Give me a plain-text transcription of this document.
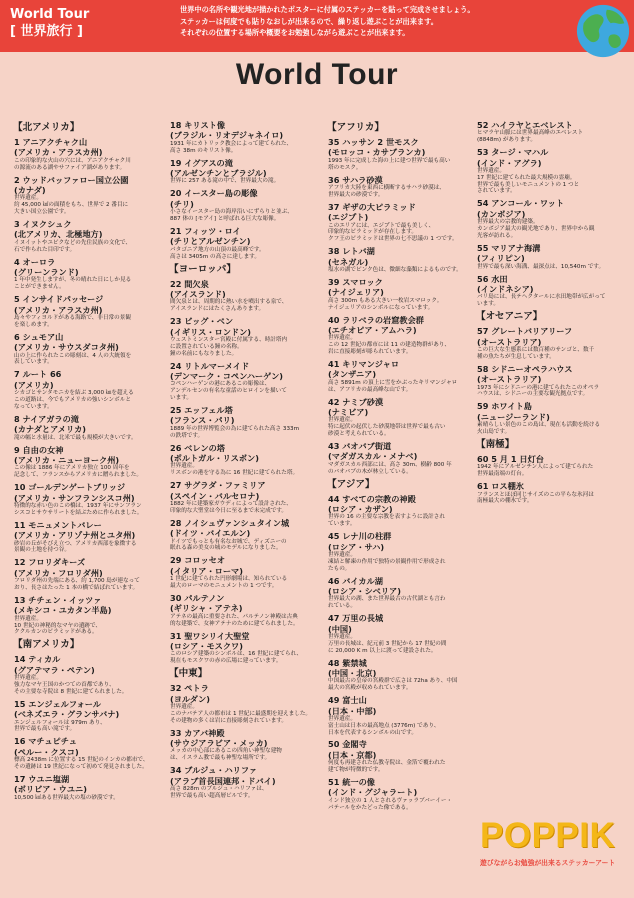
World Tour
[ 世界旅行 ]
世界中の名所や観光地が描かれたポスターに付属のステッカーを貼って完成させましょう。
ステッカーは何度でも貼りなおしが出来るので、繰り返し遊ぶことが出来ます。
それぞれの位置する場所や概要をお勉強しながら遊ぶことが出来ます。
World Tour
【北アメリカ】
1 アニアクチャク山
(アメリカ・アラスカ州)
この印象的な火山の穴には、アニアクチャク川
の源流のある湖やサファイア湖があります。
2 ウッドバッファロー国立公園
(カナダ)
世界遺産。
約 45,000 ㎢の面積をもち、世界で 2 番目に
大きい国立公園です。
3 イヌクシュク
(北アメリカ、北極地方)
イヌイットやユピクなどの先住民族の文化で、
石で作られた目印です。
4 オーロラ
(グリーンランド)
1 年中発生しますが、冬の晴れた日にしか見る
ことができません。
5 インサイドパッセージ
(アメリカ・アラスカ州)
島々やフィヨルドがある海路で、非日常の景観
を楽しめます。
6 シュモア山
(アメリカ・サウスダコタ州)
山の上に作られたこの彫刻は、4 人の大統領を
表しています。
7 ルート 66
(アメリカ)
シカゴとサンタモニカを結ぶ 3,000 ㎞を超える
この道路は、今でもアメリカの強いシンボルと
なっています。
8 ナイアガラの滝
(カナダとアメリカ)
滝の幅と水量は、北米で最も規模が大きいです。
9 自由の女神
(アメリカ・ニューヨーク州)
この像は 1886 年にアメリカ独立 100 周年を
記念して、フランスからアメリカに贈られました。
10 ゴールデンゲートブリッジ
(アメリカ・サンフランシスコ州)
特徴的な赤い色のこの橋は、1937 年にサンフラン
シスコとサウサリートを結ぶために作られました。
11 モニュメントバレー
(アメリカ・アリゾナ州とユタ州)
砂岩の丘がそびえ立つ、アメリカ西部を象徴する
景観の土地を持つ谷。
12 フロリダキーズ
(アメリカ・フロリダ州)
フロリダ州の先端にある、約 1,700 島が連なって
おり、長さはたった 1 本の橋で結ばれています。
13 チチェン・イッツァ
(メキシコ・ユカタン半島)
世界遺産。
10 世紀の神秘的なマヤの遺跡で、
ククルカンのピラミッドがある。
【南アメリカ】
14 ティカル
(グアテマラ・ペテン)
世界遺産。
強力なマヤ王国のかつての首都であり、
その主要な寺院は 8 世紀に建てられました。
15 エンジェルフォール
(ベネズエラ・グランサバナ)
エンジェルフォールは 979m あり、
世界で最も高い滝です。
16 マチュピチュ
(ペルー・クスコ)
標高 2438m に位置する 15 世紀のインカの都市で、
その遺跡は 19 世紀になって初めて発見されました。
17 ウユニ塩湖
(ボリビア・ウユニ)
10,500 ㎢ある世界最大の塩の砂漠です。
18 キリスト像
(ブラジル・リオデジャネイロ)
1931 年にカトリック教会によって建てられた、
高さ 38m のキリスト像。
19 イグアスの滝
(アルゼンチンとブラジル)
世界に 257 ある滝の中で、世界最大の滝。
20 イースター島の彫像
(チリ)
小さなイースター島の海岸沿いにずらりと並ぶ、
887 体の [モアイ] と呼ばれる巨大な彫像。
21 フィッツ・ロイ
(チリとアルゼンチン)
パタゴニア地方の山頂の最高峰です。
高さは 3405m の高さに達します。
【ヨーロッパ】
22 間欠泉
(アイスランド)
間欠泉とは、周期的に熱い水を噴出する泉で、
アイスランドにはたくさんあります。
23 ビッグ・ベン
(イギリス・ロンドン)
ウェストミンスター宮殿に付属する、時計塔内
に設置されている鐘の名称。
鐘の名前にもなりました。
24 リトルマーメイド
(デンマーク・コペンハーゲン)
コペンハーゲンの港にあるこの彫像は、
アンデルセンの有名な童話のヒロインを描いて
います。
25 エッフェル塔
(フランス・パリ)
1889 年の世界博覧会の為に建てられた高さ 333m
の鉄塔です。
26 ベレンの塔
(ポルトガル・リスボン)
世界遺産。
リスボンの港を守る為に 16 世紀に建てられた塔。
27 サグラダ・ファミリア
(スペイン・バルセロナ)
1882 年に建築家ガウディによって設計された、
印象的な大聖堂は今日に至るまで未完成です。
28 ノイシュヴァンシュタイン城
(ドイツ・バイエルン)
ドイツでもっとも有名なお城で、ディズニーの
眠れる森の美女の城のモデルになりました。
29 コロッセオ
(イタリア・ローマ)
1 世紀に建てられた円形劇場は、知られている
最大のローマのモニュメントの 1 つです。
30 パルテノン
(ギリシャ・アテネ)
アテネの最高に重要された、パルテノン神殿は古典
的な建築で、女神アテナのために建てられました。
31 聖ワシリイ大聖堂
(ロシア・モスクワ)
このロシア建築のシンボルは、16 世紀に建てられ、
現在もモスクワの赤の広場に建っています。
【中東】
32 ペトラ
(ヨルダン)
世界遺産。
このナバテア人の都市は 1 世紀に最盛期を迎えました。
その建物の多くは岩に直接彫刻されています。
33 カアバ神殿
(サウジアラビア・メッカ)
メッカの中心部にあるこの四角い神聖な建物
は、イスラム教で最も神聖な場所です。
34 ブルジュ・ハリファ
(アラブ首長国連邦・ドバイ)
高さ 828m のブルジュ・ハリファは、
世界で最も高い超高層ビルです。
【アフリカ】
35 ハッサン 2 世モスク
(モロッコ・カサブランカ)
1993 年に完成した海の上に建つ世界で最も高い
塔のモスク。
36 サハラ砂漠
アフリカ大陸を東西に横断するサハラ砂漠は、
世界最大の砂漠です。
37 ギザの大ピラミッド
(エジプト)
このエリアには、エジプトで最も美しく、
印象的なピラミッドが存在します。
クフ王のピラミッドは世界の七不思議の 1 つです。
38 レトバ湖
(セネガル)
塩水の湖でピンク色は、微細な藻類によるものです。
39 スマロック
(ナイジェリア)
高さ 300m もある大きい一枚岩スマロック。
ナイジェリアのシンボルになっています。
40 ラリベラの岩窟教会群
(エチオピア・アムハラ)
世界遺産。
この 12 世紀の都市には 11 の建造物群があり、
岩に直接彫刻が彫られています。
41 キリマンジャロ
(タンザニア)
高さ 5891m の頂上に雪をかぶったキリマンジャロ
は、アフリカの最高峰な山です。
42 ナミブ砂漠
(ナミビア)
世界遺産。
特に起伏の起伏した砂漠地帯は世界で最も古い
砂漠と考えられている。
43 バオバブ街道
(マダガスカル・メナベ)
マダガスカル西部には、高さ 30m、樹齢 800 年
のバオバブの木が林立している。
【アジア】
44 すべての宗教の神殿
(ロシア・カザン)
世界の 16 の主要な宗教を表すように設計され
ています。
45 レナ川の柱群
(ロシア・サハ)
世界遺産。
凍結と解凍の作用で独特の景観作用で形成され
たもの。
46 バイカル湖
(ロシア・シベリア)
世界最大の湖、また世界最古の古代湖とも言わ
れている。
47 万里の長城
(中国)
世界遺産。
万里の長城は、紀元前 3 世紀から 17 世紀の間
に 20,000 K m 以上に渡って建設された。
48 紫禁城
(中国・北京)
中国最古の皇帝の宮殿群で広さは 72ha あり、中国
最大の宮殿が収められています。
49 富士山
(日本・中部)
世界遺産。
富士山は日本の最高地点 (3776m) であり、
日本を代表するシンボルの山です。
50 金閣寺
(日本・京都)
何度も再建された仏教寺院は、金箔で覆われた
建て物が特徴的です。
51 統一の像
(インド・グジャラート)
インド独立の 1 人とされるヴァッラブバーイー・
パテールをかたどった像である。
52 ハイラヤとエベレスト
ヒマラヤ山脈には世界最高峰のエベレスト
(8848m) があります。
53 タージ・マハル
(インド・アグラ)
世界遺産。
17 世紀に建てられた最大規模の霊廟。
世界で最も美しいモニュメントの 1 つと
されています。
54 アンコール・ワット
(カンボジア)
世界最大の宗教的建築。
カンボジア最大の観光地であり、世界中から観
光客が訪れる。
55 マリアナ海溝
(フィリピン)
世界で最も深い海溝、最深点は、10,540m です。
56 水田
(インドネシア)
バリ島には、長テヘクタールに水田地帯が広がって
います。
【オセアニア】
57 グレートバリアリーフ
(オーストラリア)
この巨大な生態系には数百種のサンゴと、数千
種の魚たちが生息しています。
58 シドニーオペラハウス
(オーストラリア)
1973 年にシドニーの港に建てられたこのオペラ
ハウスは、シドニーの主要な観光拠点です。
59 ホワイト島
(ニュージーランド)
素晴らしい景色のこの島は、現在も活動を続ける
火山島です。
【南極】
60 5 月 1 日灯台
1942 年にアルゼンチン人によって建てられた
世界最南端の灯台。
61 ロス棚氷
フランスとほぼ同じサイズのこの平らな氷河は
南極最大の棚氷です。
POPPIK
遊びながらお勉強が出来るステッカーアート
